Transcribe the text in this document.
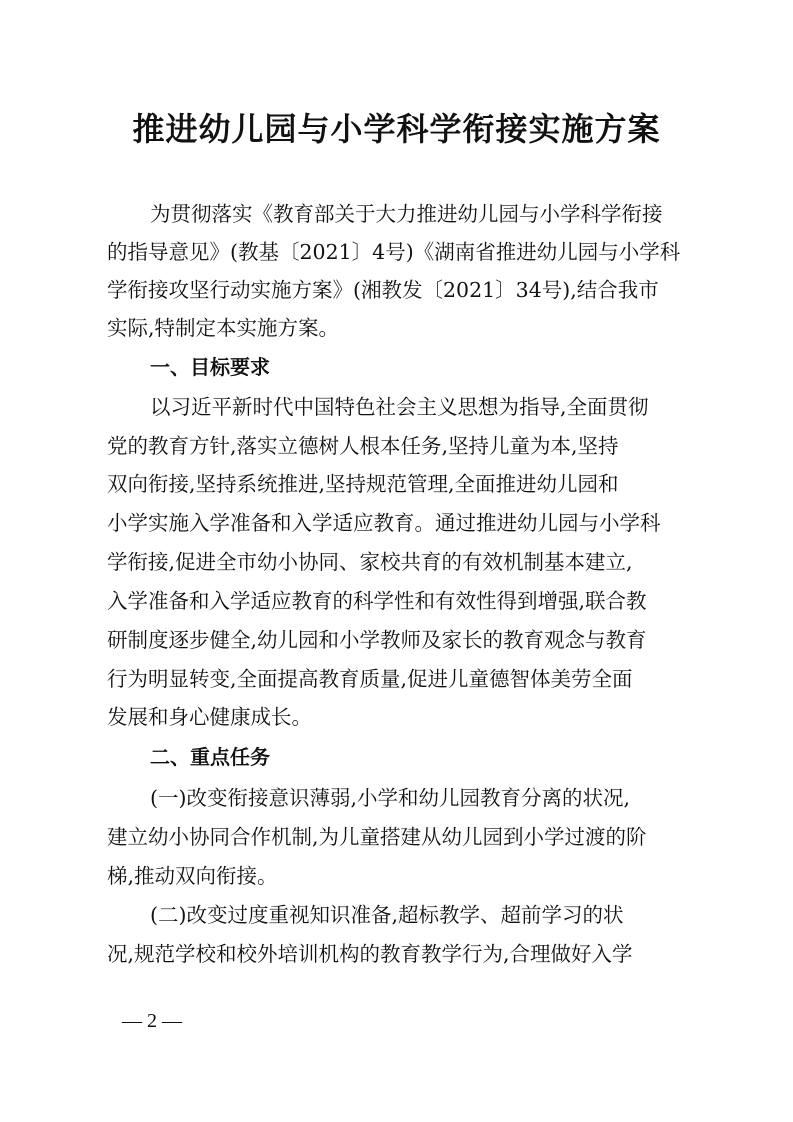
推进幼儿园与小学科学衔接实施方案
为贯彻落实《教育部关于大力推进幼儿园与小学科学衔接
的指导意见》(教基〔2021〕4号)《湖南省推进幼儿园与小学科
学衔接攻坚行动实施方案》(湘教发〔2021〕34号),结合我市
实际,特制定本实施方案。
一、目标要求
以习近平新时代中国特色社会主义思想为指导,全面贯彻
党的教育方针,落实立德树人根本任务,坚持儿童为本,坚持
双向衔接,坚持系统推进,坚持规范管理,全面推进幼儿园和
小学实施入学准备和入学适应教育。通过推进幼儿园与小学科
学衔接,促进全市幼小协同、家校共育的有效机制基本建立,
入学准备和入学适应教育的科学性和有效性得到增强,联合教
研制度逐步健全,幼儿园和小学教师及家长的教育观念与教育
行为明显转变,全面提高教育质量,促进儿童德智体美劳全面
发展和身心健康成长。
二、重点任务
(一)改变衔接意识薄弱,小学和幼儿园教育分离的状况,
建立幼小协同合作机制,为儿童搭建从幼儿园到小学过渡的阶
梯,推动双向衔接。
(二)改变过度重视知识准备,超标教学、超前学习的状
况,规范学校和校外培训机构的教育教学行为,合理做好入学
— 2 —
